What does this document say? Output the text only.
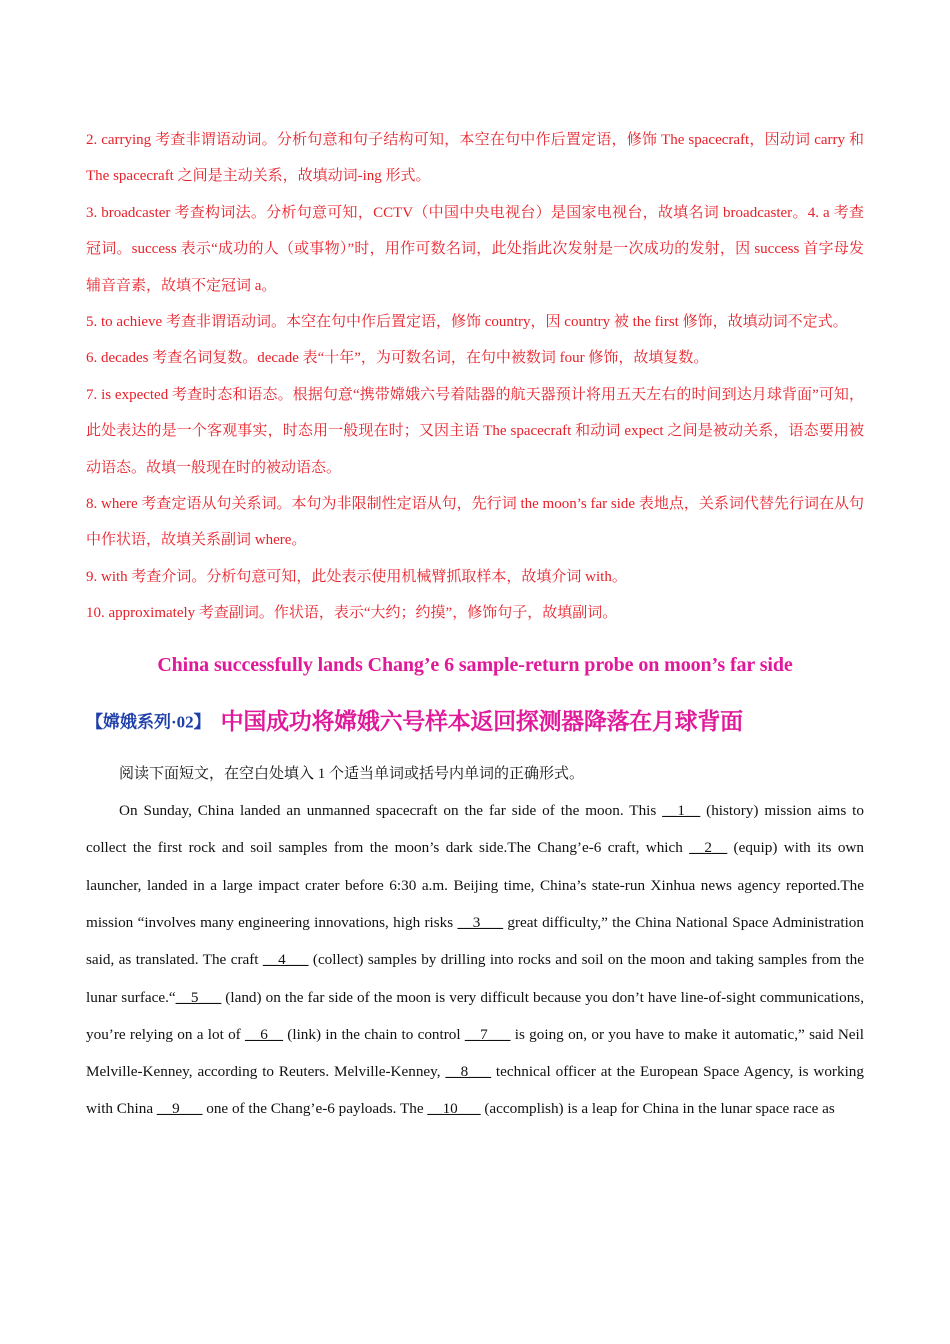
2. carrying 考查非谓语动词。分析句意和句子结构可知，本空在句中作后置定语，修饰 The spacecraft，因动词 carry 和 The spacecraft 之间是主动关系，故填动词-ing 形式。

3. broadcaster 考查构词法。分析句意可知，CCTV（中国中央电视台）是国家电视台，故填名词 broadcaster。4. a 考查冠词。success 表示“成功的人（或事物）”时，用作可数名词，此处指此次发射是一次成功的发射，因 success 首字母发辅音音素，故填不定冠词 a。

5. to achieve 考查非谓语动词。本空在句中作后置定语，修饰 country，因 country 被 the first 修饰，故填动词不定式。

6. decades 考查名词复数。decade 表“十年”，为可数名词，在句中被数词 four 修饰，故填复数。

7. is expected 考查时态和语态。根据句意“携带嫦娥六号着陆器的航天器预计将用五天左右的时间到达月球背面”可知，此处表达的是一个客观事实，时态用一般现在时；又因主语 The spacecraft 和动词 expect 之间是被动关系，语态要用被动语态。故填一般现在时的被动语态。

8. where 考查定语从句关系词。本句为非限制性定语从句，先行词 the moon’s far side 表地点，关系词代替先行词在从句中作状语，故填关系副词 where。

9. with 考查介词。分析句意可知，此处表示使用机械臂抓取样本，故填介词 with。

10. approximately 考查副词。作状语，表示“大约；约摸”，修饰句子，故填副词。

China successfully lands Chang’e 6 sample-return probe on moon’s far side

【嫦娥系列·02】 中国成功将嫦娥六号样本返回探测器降落在月球背面

阅读下面短文，在空白处填入 1 个适当单词或括号内单词的正确形式。

On Sunday, China landed an unmanned spacecraft on the far side of the moon. This __1__ (history) mission aims to collect the first rock and soil samples from the moon’s dark side.The Chang’e-6 craft, which __2__ (equip) with its own launcher, landed in a large impact crater before 6:30 a.m. Beijing time, China’s state-run Xinhua news agency reported.The mission “involves many engineering innovations, high risks __3___ great difficulty,” the China National Space Administration said, as translated. The craft __4___ (collect) samples by drilling into rocks and soil on the moon and taking samples from the lunar surface.“__5___ (land) on the far side of the moon is very difficult because you don’t have line-of-sight communications, you’re relying on a lot of __6__ (link) in the chain to control __7___ is going on, or you have to make it automatic,” said Neil Melville-Kenney, according to Reuters. Melville-Kenney, __8___ technical officer at the European Space Agency, is working with China __9___ one of the Chang’e-6 payloads. The __10___ (accomplish) is a leap for China in the lunar space race as
